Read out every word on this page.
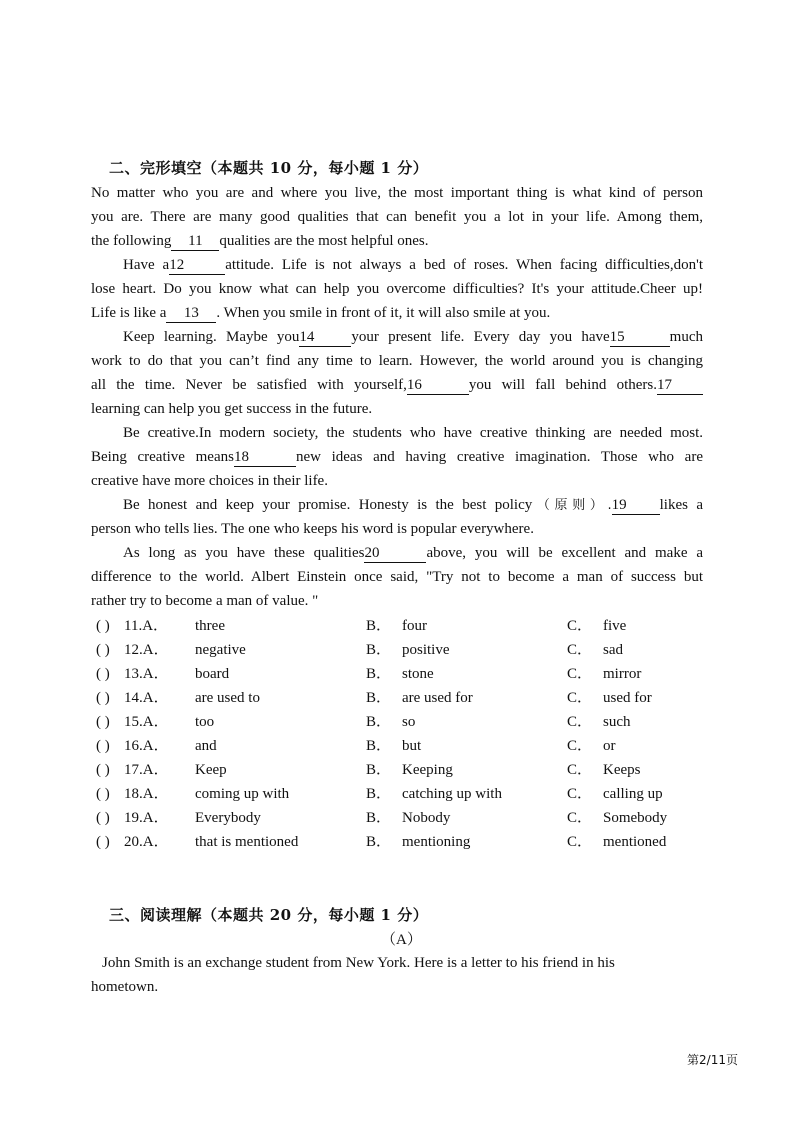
二、完形填空（本题共 10 分，每小题 1 分）
No matter who you are and where you live, the most important thing is what kind of person
you are. There are many good qualities that can benefit you a lot in your life. Among them,
the following 11 qualities are the most helpful ones.
Have a12	attitude. Life is not always a bed of roses. When facing difficulties,don't
lose heart. Do you know what can help you overcome difficulties? It's your attitude.Cheer up!
Life is like a 13 . When you smile in front of it, it will also smile at you.
Keep learning. Maybe you14 your present life. Every day you have15	much
work to do that you can’t find any time to learn. However, the world around you is changing
all the time. Never be satisfied with yourself,16	you will fall behind others.17
learning can help you get success in the future.
Be creative.In modern society, the students who have creative thinking are needed most.
Being creative means18	new ideas and having creative imagination. Those who are
creative have more choices in their life.
Be honest and keep your promise. Honesty is the best policy（原则）.19 likes a
person who tells lies. The one who keeps his word is popular everywhere.
As long as you have these qualities20	above, you will be excellent and make a
difference to the world. Albert Einstein once said, "Try not to become a man of success but
rather try to become a man of value. "
( ) 11.A． three	B． four	C． five
( ) 12.A． negative	B． positive	C． sad
( ) 13.A． board	B． stone	C． mirror
( ) 14.A． are used to	B． are used for	C． used for
( ) 15.A． too	B． so	C． such
( ) 16.A． and	B． but	C． or
( ) 17.A． Keep	B． Keeping	C． Keeps
( ) 18.A． coming up with	B． catching up with	C． calling up
( ) 19.A． Everybody	B． Nobody	C． Somebody
( ) 20.A． that is mentioned	B． mentioning	C． mentioned
三、阅读理解（本题共 20 分，每小题 1 分）
（A）
John Smith is an exchange student from New York. Here is a letter to his friend in his
hometown.
第2/11页
